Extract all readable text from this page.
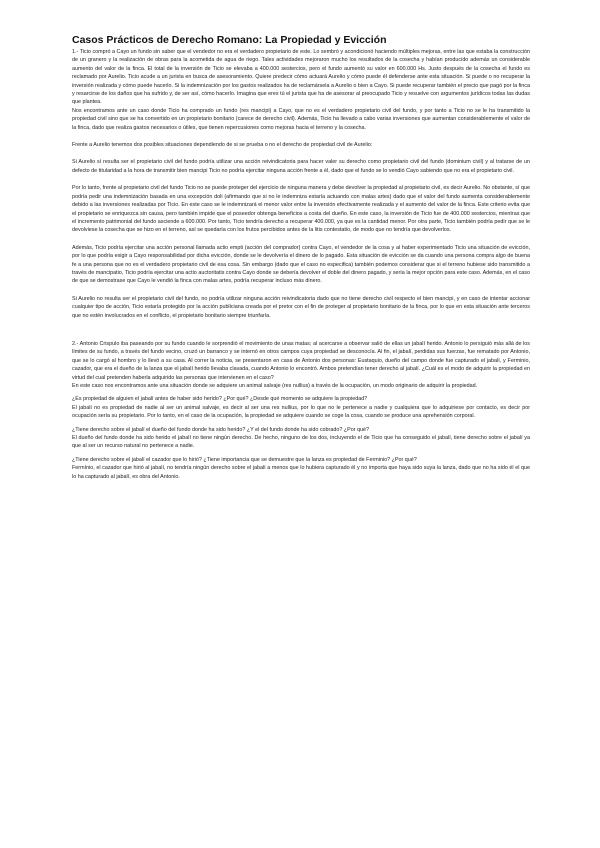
Casos Prácticos de Derecho Romano: La Propiedad y Evicción

1.- Ticio compró a Cayo un fundo sin saber que el vendedor no era el verdadero propietario de este. Lo sembró y acondicionó haciendo múltiples mejoras, entre las que estaba la construcción de un granero y la realización de obras para la acometida de agua de riego. Tales actividades mejoraron mucho los resultados de la cosecha y habían producido además un considerable aumento del valor de la finca. El total de la inversión de Ticio se elevaba a 400.000 sestercios, pero el fundo aumentó su valor en 600.000 Hs. Justo después de la cosecha el fundo es reclamado por Aurelio. Ticio acude a un jurista en busca de asesoramiento. Quiere predecir cómo actuará Aurelio y cómo puede él defenderse ante esta situación. Si puede o no recuperar la inversión realizada y cómo puede hacerlo. Si la indemnización por los gastos realizados ha de reclamársela a Aurelio o bien a Cayo. Si puede recuperar también el precio que pagó por la finca y resarcirse de los daños que ha sufrido y, de ser así, cómo hacerlo. Imagina que eres tú el jurista que ha de asesorar al preocupado Ticio y resuelve con argumentos jurídicos todas las dudas que plantea.

Nos encontramos ante un caso donde Ticio ha comprado un fundo (res mancipi) a Cayo, que no es el verdadero propietario civil del fundo, y por tanto a Ticio no se le ha transmitido la propiedad civil sino que se ha convertido en un propietario bonitario (carece de derecho civil). Además, Ticio ha llevado a cabo varias inversiones que aumentan considerablemente el valor de la finca, dado que realiza gastos necesarios o útiles, que tienen repercusiones como mejoras hacia el terreno y la cosecha.

Frente a Aurelio tenemos dos posibles situaciones dependiendo de si se prueba o no el derecho de propiedad civil de Aurelio:

Si Aurelio sí resulta ser el propietario civil del fundo podría utilizar una acción reivindicatoria para hacer valer su derecho como propietario civil del fundo (dominium civil) y al tratarse de un defecto de titularidad a la hora de transmitir bien mancipi Ticio no podría ejercitar ninguna acción frente a él, dado que el fundo se lo vendió Cayo sabiendo que no era el propietario civil.

Por lo tanto, frente al propietario civil del fundo Ticio no se puede proteger del ejercicio de ninguna manera y debe devolver la propiedad al propietario civil, es decir Aurelio. No obstante, sí que podría pedir una indemnización basada en una excepción doli (afirmando que si no le indemniza estaría actuando con malas artes) dado que el valor del fundo aumenta considerablemente debido a las inversiones realizadas por Ticio. En este caso se le indemnizará el menor valor entre la inversión efectivamente realizada y el aumento del valor de la finca. Este criterio evita que el propietario se enriquezca sin causa, pero también impide que el poseedor obtenga beneficios a costa del dueño. En este caso, la inversión de Ticio fue de 400.000 sestercios, mientras que el incremento patrimonial del fundo asciende a 600.000. Por tanto, Ticio tendría derecho a recuperar 400.000, ya que es la cantidad menor. Por otra parte, Ticio también podría pedir que se le devolviese la cosecha que se hizo en el terreno, así se quedaría con los frutos percibidos antes de la litis contestatio, de modo que no tendría que devolverlos.

Además, Ticio podría ejercitar una acción personal llamada actio empti (acción del comprador) contra Cayo, el vendedor de la cosa y al haber experimentado Ticio una situación de evicción, por lo que podría exigir a Cayo responsabilidad por dicha evicción, donde se le devolvería el dinero de lo pagado. Esta situación de evicción se da cuando una persona compra algo de buena fe a una persona que no es el verdadero propietario civil de esa cosa. Sin embargo (dado que el caso no especifica) también podemos considerar que si el terreno hubiese sido transmitido a través de mancipatio, Ticio podría ejercitar una actio auctoritatis contra Cayo donde se debería devolver el doble del dinero pagado, y sería la mejor opción para este caso. Además, en el caso de que se demostrase que Cayo le vendió la finca con malas artes, podría recuperar incluso más dinero.

Si Aurelio no resulta ser el propietario civil del fundo, no podría utilizar ninguna acción reivindicatoria dado que no tiene derecho civil respecto el bien mancipi, y en caso de intentar accionar cualquier tipo de acción, Ticio estaría protegido por la acción publiciana creada por el pretor con el fin de proteger al propietario bonitario de la finca, por lo que en esta situación ante terceros que no estén involucrados en el conflicto, el propietario bonitario siempre triunfaría.

2.- Antonio Crispulo iba paseando por su fundo cuando le sorprendió el movimiento de unas matas; al acercarse a observar salió de ellas un jabalí herido. Antonio lo persiguió más allá de los límites de su fundo, a través del fundo vecino, cruzó un barranco y se internó en otros campos cuya propiedad se desconocía. Al fin, el jabalí, perdidas sus fuerzas, fue rematado por Antonio, que se lo cargó al hombro y lo llevó a su casa. Al correr la noticia, se presentaron en casa de Antonio dos personas: Eustaquio, dueño del campo donde fue capturado el jabalí, y Ferminio, cazador, que era el dueño de la lanza que el jabalí herido llevaba clavada, cuando Antonio lo encontró. Ambos pretendían tener derecho al jabalí. ¿Cuál es el modo de adquirir la propiedad en virtud del cual pretenden haberla adquirido las personas que intervienen en el caso?

En este caso nos encontramos ante una situación donde se adquiere un animal salvaje (res nullius) a través de la ocupación, un modo originario de adquirir la propiedad.

¿Es propiedad de alguien el jabalí antes de haber sido herido? ¿Por qué? ¿Desde qué momento se adquiere la propiedad?

El jabalí no es propiedad de nadie al ser un animal salvaje, es decir al ser una res nullius, por lo que no le pertenece a nadie y cualquiera que lo adquiriese por contacto, es decir por ocupación sería su propietario. Por lo tanto, en el caso de la ocupación, la propiedad se adquiere cuando se coge la cosa, cuando se produce una aprehensión corporal.

¿Tiene derecho sobre el jabalí el dueño del fundo donde ha sido herido? ¿Y el del fundo donde ha sido cobrado? ¿Por qué?

El dueño del fundo donde ha sido herido el jabalí no tiene ningún derecho. De hecho, ninguno de los dos, incluyendo el de Ticio que ha conseguido el jabalí, tiene derecho sobre el jabalí ya que al ser un recurso natural no pertenece a nadie.

¿Tiene derecho sobre el jabalí el cazador que lo hirió? ¿Tiene importancia que se demuestre que la lanza es propiedad de Ferminio? ¿Por qué?

Fermínio, el cazador que hirió al jabalí, no tendría ningún derecho sobre el jabalí a menos que lo hubiera capturado él y no importa que haya sido suya la lanza, dado que no ha sido él el que lo ha capturado al jabalí, es obra del Antonio.
